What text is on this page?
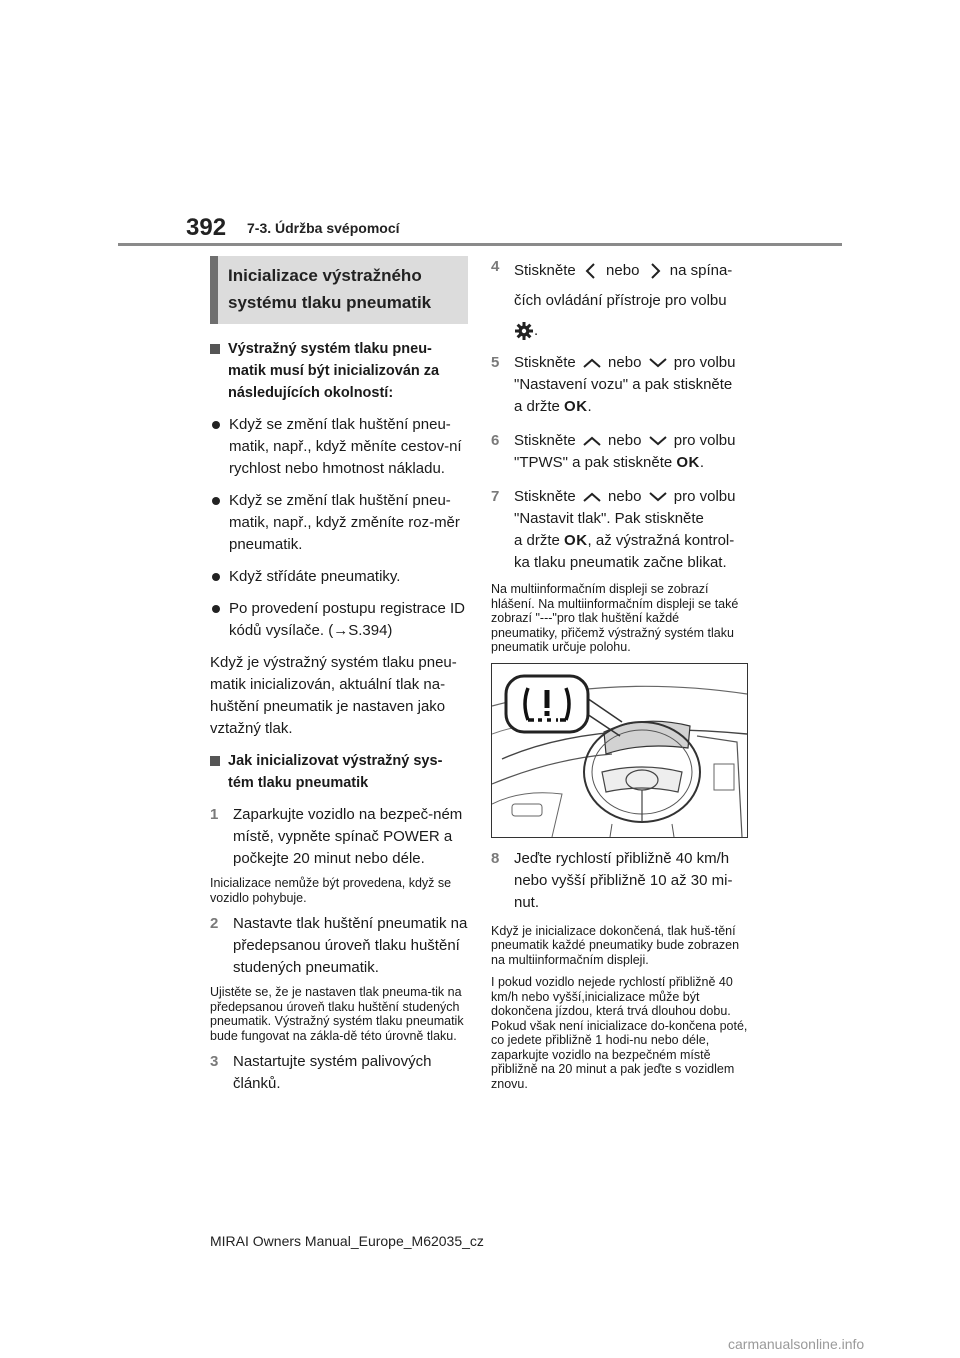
392 7-3. Údržba svépomocí
Inicializace výstražného
systému tlaku pneumatik

Výstražný systém tlaku pneu-matik musí být inicializován za následujících okolností:

Když se změní tlak huštění pneu-matik, např., když měníte cestov-ní rychlost nebo hmotnost nákladu.

Když se změní tlak huštění pneu-matik, např., když změníte roz-měr pneumatik.

Když střídáte pneumatiky.

Po provedení postupu registrace ID kódů vysílače. (→S.394)

Když je výstražný systém tlaku pneu-matik inicializován, aktuální tlak na-huštění pneumatik je nastaven jako vztažný tlak.

Jak inicializovat výstražný sys-tém tlaku pneumatik

1 Zaparkujte vozidlo na bezpeč-ném místě, vypněte spínač POWER a počkejte 20 minut nebo déle.

Inicializace nemůže být provedena, když se vozidlo pohybuje.

2 Nastavte tlak huštění pneumatik na předepsanou úroveň tlaku huštění studených pneumatik.

Ujistěte se, že je nastaven tlak pneuma-tik na předepsanou úroveň tlaku huštění studených pneumatik. Výstražný systém tlaku pneumatik bude fungovat na zákla-dě této úrovně tlaku.

3 Nastartujte systém palivových článků.
4 Stiskněte nebo na spína-
čích ovládání přístroje pro volbu
.
5 Stiskněte nebo pro volbu
"Nastavení vozu" a pak stiskněte
a držte OK.
6 Stiskněte nebo pro volbu
"TPWS" a pak stiskněte OK.
7 Stiskněte nebo pro volbu
"Nastavit tlak". Pak stiskněte
a držte OK, až výstražná kontrol-
ka tlaku pneumatik začne blikat.

Na multiinformačním displeji se zobrazí hlášení. Na multiinformačním displeji se také zobrazí "---"pro tlak huštění každé pneumatiky, přičemž výstražný systém tlaku pneumatik určuje polohu.

8 Jeďte rychlostí přibližně 40 km/h nebo vyšší přibližně 10 až 30 mi-nut.

Když je inicializace dokončená, tlak huš-tění pneumatik každé pneumatiky bude zobrazen na multiinformačním displeji.

I pokud vozidlo nejede rychlostí přibližně 40 km/h nebo vyšší,inicializace může být dokončena jízdou, která trvá dlouhou dobu. Pokud však není inicializace do-končena poté, co jedete přibližně 1 hodi-nu nebo déle, zaparkujte vozidlo na bezpečném místě přibližně na 20 minut a pak jeďte s vozidlem znovu.

MIRAI Owners Manual_Europe_M62035_cz
carmanualsonline.info
